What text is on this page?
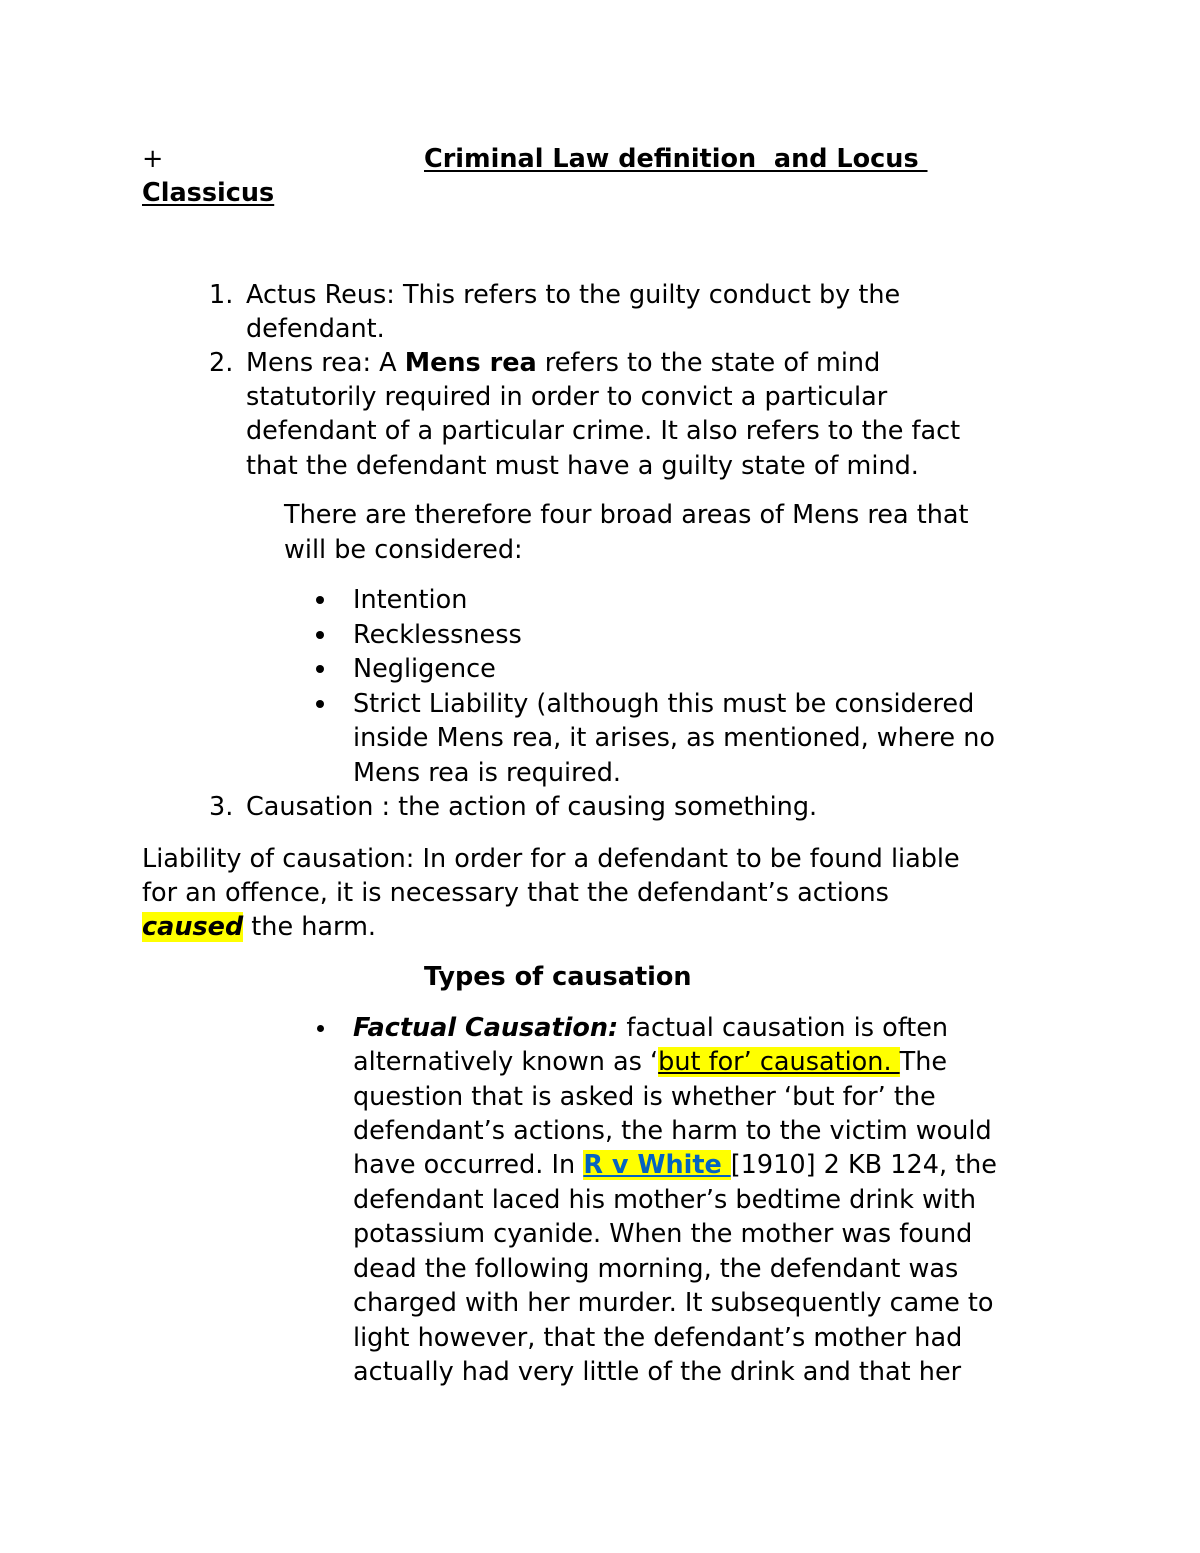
+	Criminal Law definition  and Locus
Classicus
1. Actus Reus: This refers to the guilty conduct by the
defendant.
2. Mens rea: A Mens rea refers to the state of mind
statutorily required in order to convict a particular
defendant of a particular crime. It also refers to the fact
that the defendant must have a guilty state of mind.
There are therefore four broad areas of Mens rea that
will be considered:
Intention
Recklessness
Negligence
Strict Liability (although this must be considered
inside Mens rea, it arises, as mentioned, where no
Mens rea is required.
3. Causation : the action of causing something.
Liability of causation: In order for a defendant to be found liable
for an offence, it is necessary that the defendant’s actions
caused the harm.
Types of causation
Factual Causation: factual causation is often
alternatively known as ‘but for’ causation. The
question that is asked is whether ‘but for’ the
defendant’s actions, the harm to the victim would
have occurred. In R v White [1910] 2 KB 124, the
defendant laced his mother’s bedtime drink with
potassium cyanide. When the mother was found
dead the following morning, the defendant was
charged with her murder. It subsequently came to
light however, that the defendant’s mother had
actually had very little of the drink and that her
